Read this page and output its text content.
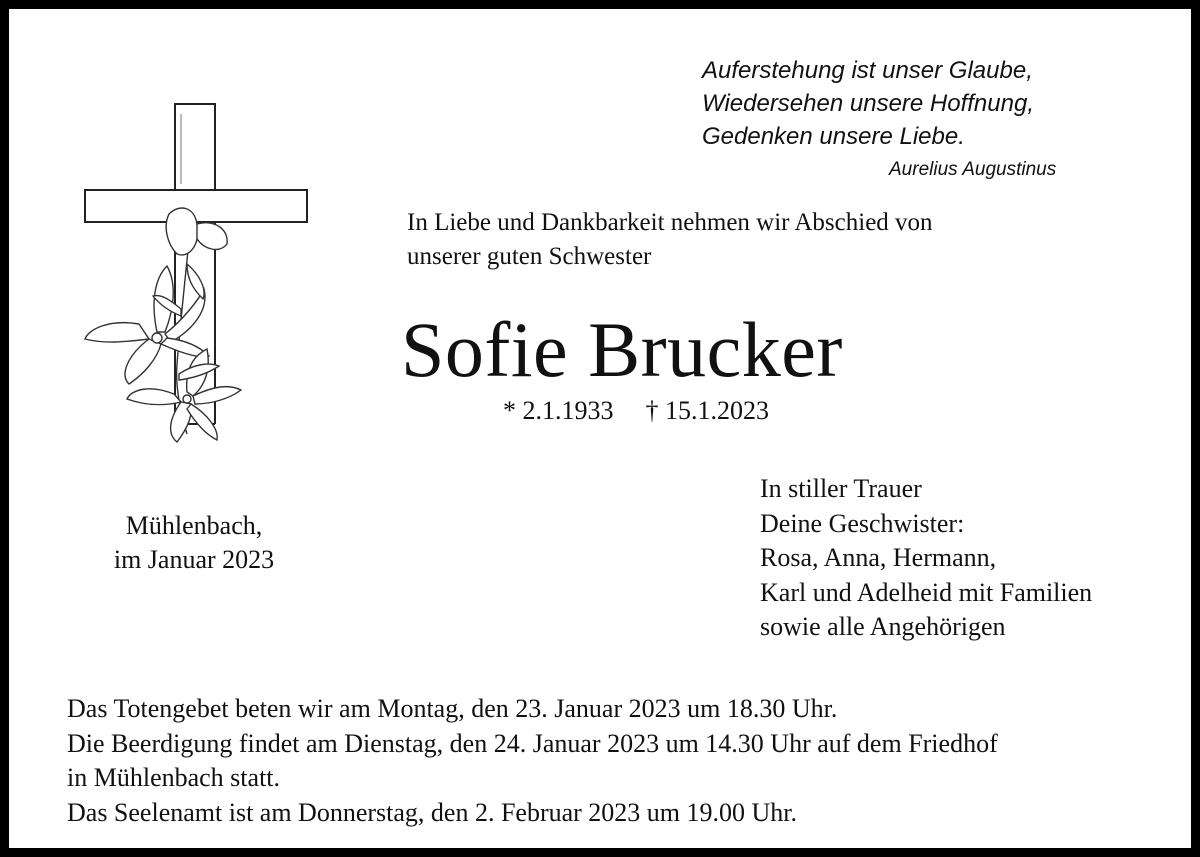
Auferstehung ist unser Glaube,
Wiedersehen unsere Hoffnung,
Gedenken unsere Liebe.
Aurelius Augustinus
In Liebe und Dankbarkeit nehmen wir Abschied von
unserer guten Schwester
Sofie Brucker
* 2.1.1933 † 15.1.2023
Mühlenbach,
im Januar 2023
In stiller Trauer
Deine Geschwister:
Rosa, Anna, Hermann,
Karl und Adelheid mit Familien
sowie alle Angehörigen
Das Totengebet beten wir am Montag, den 23. Januar 2023 um 18.30 Uhr.
Die Beerdigung findet am Dienstag, den 24. Januar 2023 um 14.30 Uhr auf dem Friedhof
in Mühlenbach statt.
Das Seelenamt ist am Donnerstag, den 2. Februar 2023 um 19.00 Uhr.
